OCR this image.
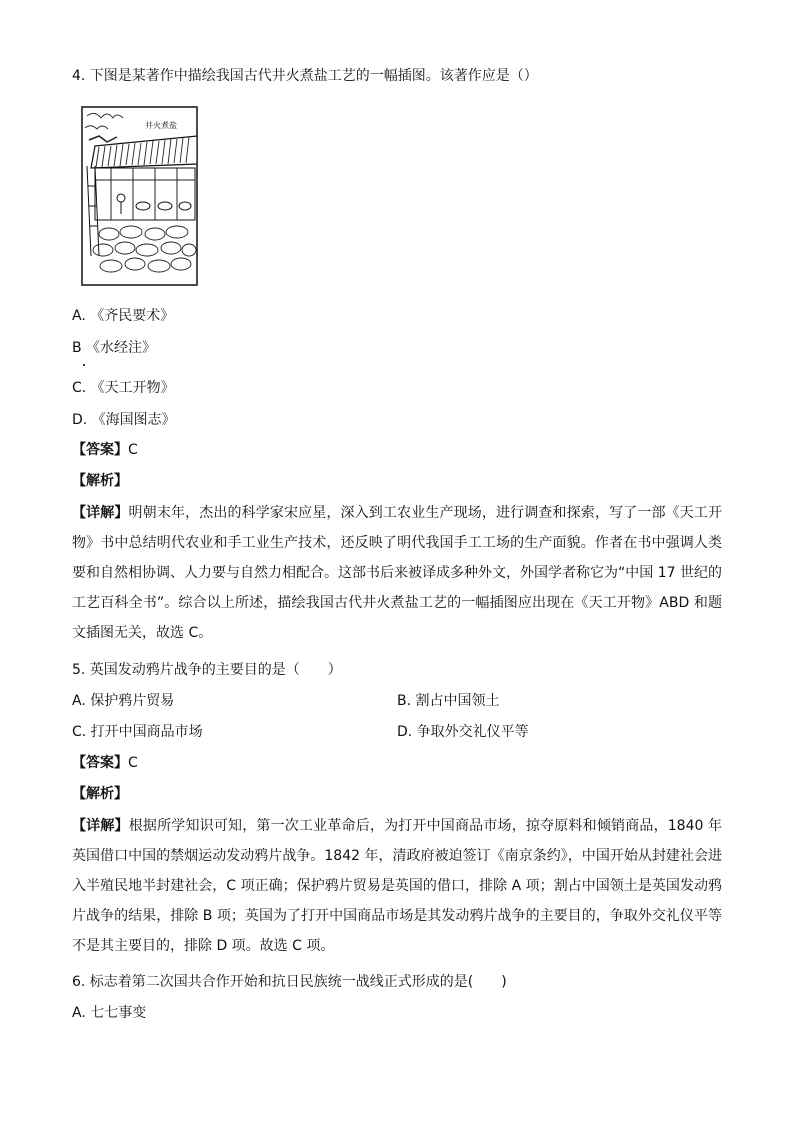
4. 下图是某著作中描绘我国古代井火煮盐工艺的一幅插图。该著作应是（）
井火煮盐
A. 《齐民要术》
B 《水经注》
C. 《天工开物》
D. 《海国图志》
【答案】C
【解析】
【详解】明朝末年，杰出的科学家宋应星，深入到工农业生产现场，进行调查和探索，写了一部《天工开物》书中总结明代农业和手工业生产技术，还反映了明代我国手工工场的生产面貌。作者在书中强调人类要和自然相协调、人力要与自然力相配合。这部书后来被译成多种外文，外国学者称它为“中国 17 世纪的工艺百科全书”。综合以上所述，描绘我国古代井火煮盐工艺的一幅插图应出现在《天工开物》ABD 和题文插图无关，故选 C。
5. 英国发动鸦片战争的主要目的是（　　）
A. 保护鸦片贸易	B. 割占中国领土
C. 打开中国商品市场	D. 争取外交礼仪平等
【答案】C
【解析】
【详解】根据所学知识可知，第一次工业革命后，为打开中国商品市场，掠夺原料和倾销商品，1840 年英国借口中国的禁烟运动发动鸦片战争。1842 年，清政府被迫签订《南京条约》，中国开始从封建社会进入半殖民地半封建社会，C 项正确；保护鸦片贸易是英国的借口，排除 A 项；割占中国领土是英国发动鸦片战争的结果，排除 B 项；英国为了打开中国商品市场是其发动鸦片战争的主要目的，争取外交礼仪平等不是其主要目的，排除 D 项。故选 C 项。
6. 标志着第二次国共合作开始和抗日民族统一战线正式形成的是(　　)
A. 七七事变
